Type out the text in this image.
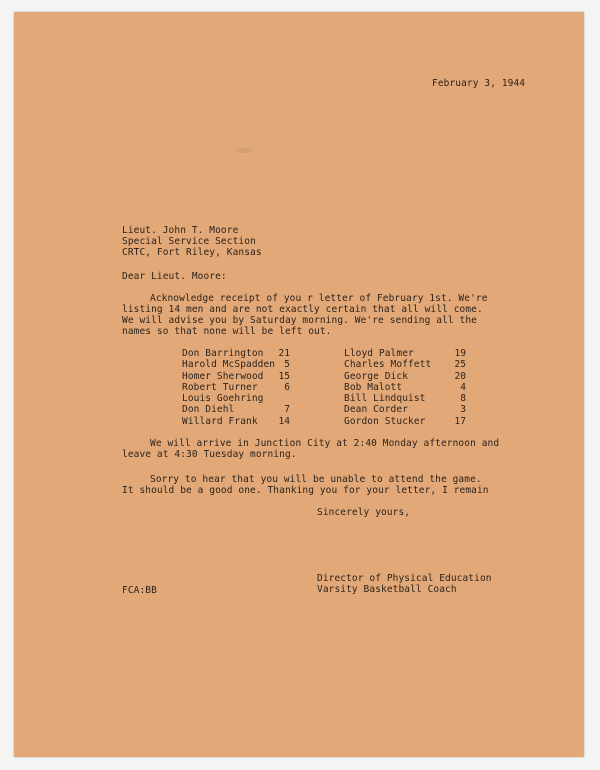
February 3, 1944
Lieut. John T. Moore
Special Service Section
CRTC, Fort Riley, Kansas
Dear Lieut. Moore:
Acknowledge receipt of you r letter of February 1st. We're
listing 14 men and are not exactly certain that all will come.
We will advise you by Saturday morning. We're sending all the
names so that none will be left out.
Don Barrington	21
Harold McSpadden 5
Homer Sherwood	15
Robert Turner	6
Louis Goehring
Don Diehl	7
Willard Frank	14
Lloyd Palmer	19
Charles Moffett	25
George Dick	20
Bob Malott	4
Bill Lindquist	8
Dean Corder	3
Gordon Stucker	17
We will arrive in Junction City at 2:40 Monday afternoon and
leave at 4:30 Tuesday morning.
Sorry to hear that you will be unable to attend the game.
It should be a good one. Thanking you for your letter, I remain
Sincerely yours,
Director of Physical Education
Varsity Basketball Coach
FCA:BB
